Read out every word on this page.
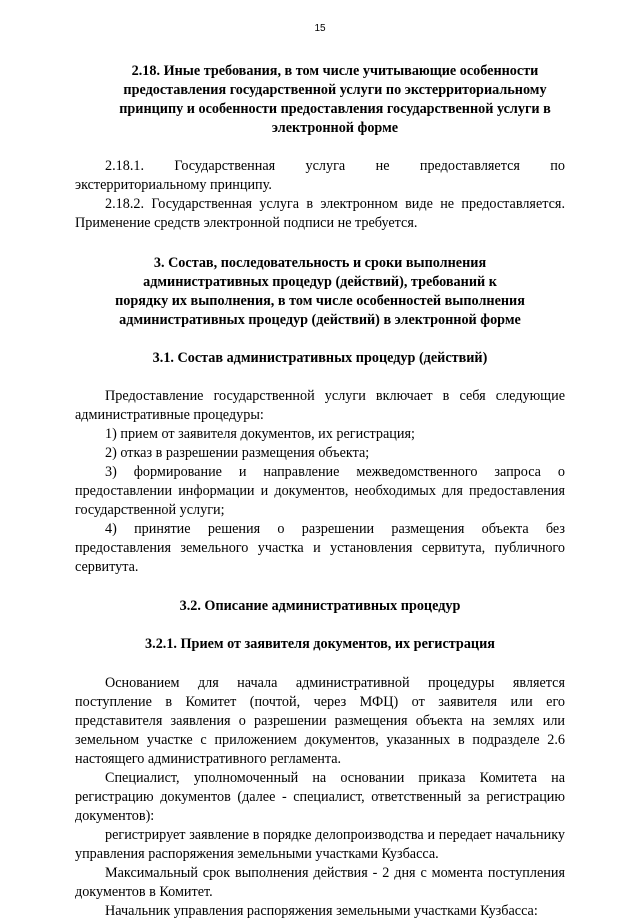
15
2.18. Иные требования, в том числе учитывающие особенности предоставления государственной услуги по экстерриториальному принципу и особенности предоставления государственной услуги в электронной форме
2.18.1. Государственная услуга не предоставляется по экстерриториальному принципу.
2.18.2. Государственная услуга в электронном виде не предоставляется. Применение средств электронной подписи не требуется.
3. Состав, последовательность и сроки выполнения административных процедур (действий), требований к порядку их выполнения, в том числе особенностей выполнения административных процедур (действий) в электронной форме
3.1. Состав административных процедур (действий)
Предоставление государственной услуги включает в себя следующие административные процедуры:
1) прием от заявителя документов, их регистрация;
2) отказ в разрешении размещения объекта;
3) формирование и направление межведомственного запроса о предоставлении информации и документов, необходимых для предоставления государственной услуги;
4) принятие решения о разрешении размещения объекта без предоставления земельного участка и установления сервитута, публичного сервитута.
3.2. Описание административных процедур
3.2.1. Прием от заявителя документов, их регистрация
Основанием для начала административной процедуры является поступление в Комитет (почтой, через МФЦ) от заявителя или его представителя заявления о разрешении размещения объекта на землях или земельном участке с приложением документов, указанных в подразделе 2.6 настоящего административного регламента.
Специалист, уполномоченный на основании приказа Комитета на регистрацию документов (далее - специалист, ответственный за регистрацию документов):
регистрирует заявление в порядке делопроизводства и передает начальнику управления распоряжения земельными участками Кузбасса.
Максимальный срок выполнения действия - 2 дня с момента поступления документов в Комитет.
Начальник управления распоряжения земельными участками Кузбасса:
